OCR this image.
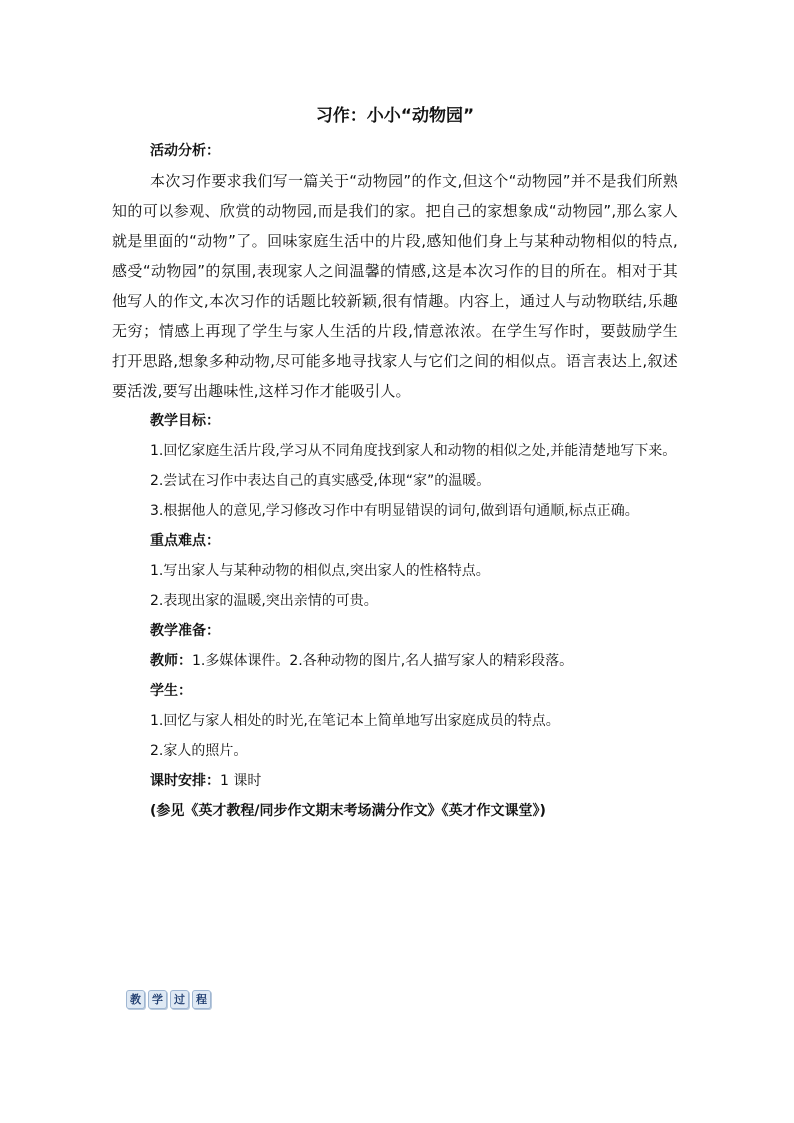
习作：小小“动物园”

活动分析：

本次习作要求我们写一篇关于“动物园”的作文,但这个“动物园”并不是我们所熟知的可以参观、欣赏的动物园,而是我们的家。把自己的家想象成“动物园”,那么家人就是里面的“动物”了。回味家庭生活中的片段,感知他们身上与某种动物相似的特点,感受“动物园”的氛围,表现家人之间温馨的情感,这是本次习作的目的所在。相对于其他写人的作文,本次习作的话题比较新颖,很有情趣。内容上，通过人与动物联结,乐趣无穷；情感上再现了学生与家人生活的片段,情意浓浓。在学生写作时，要鼓励学生打开思路,想象多种动物,尽可能多地寻找家人与它们之间的相似点。语言表达上,叙述要活泼,要写出趣味性,这样习作才能吸引人。

教学目标：

1.回忆家庭生活片段,学习从不同角度找到家人和动物的相似之处,并能清楚地写下来。

2.尝试在习作中表达自己的真实感受,体现“家”的温暖。

3.根据他人的意见,学习修改习作中有明显错误的词句,做到语句通顺,标点正确。

重点难点：

1.写出家人与某种动物的相似点,突出家人的性格特点。

2.表现出家的温暖,突出亲情的可贵。

教学准备：

教师：1.多媒体课件。2.各种动物的图片,名人描写家人的精彩段落。

学生：

1.回忆与家人相处的时光,在笔记本上简单地写出家庭成员的特点。

2.家人的照片。

课时安排：1 课时

(参见《英才教程/同步作文期末考场满分作文》《英才作文课堂》)

教	学	过	程
